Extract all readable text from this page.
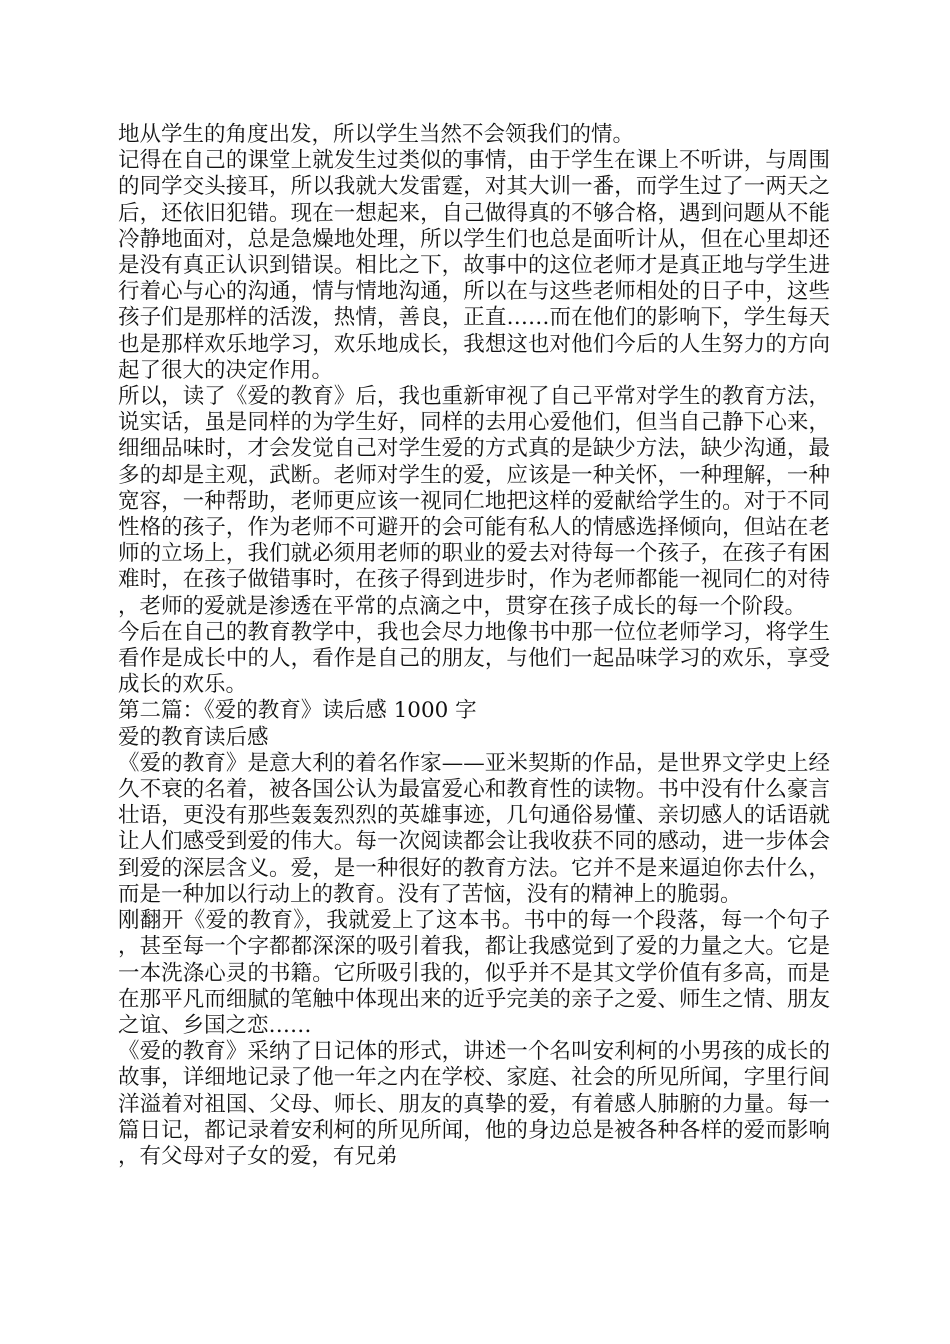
地从学生的角度出发，所以学生当然不会领我们的情。

记得在自己的课堂上就发生过类似的事情，由于学生在课上不听讲，与周围的同学交头接耳，所以我就大发雷霆，对其大训一番，而学生过了一两天之后，还依旧犯错。现在一想起来，自己做得真的不够合格，遇到问题从不能冷静地面对，总是急燥地处理，所以学生们也总是面听计从，但在心里却还是没有真正认识到错误。相比之下，故事中的这位老师才是真正地与学生进行着心与心的沟通，情与情地沟通，所以在与这些老师相处的日子中，这些孩子们是那样的活泼，热情，善良，正直……而在他们的影响下，学生每天也是那样欢乐地学习，欢乐地成长，我想这也对他们今后的人生努力的方向起了很大的决定作用。

所以，读了《爱的教育》后，我也重新审视了自己平常对学生的教育方法，说实话，虽是同样的为学生好，同样的去用心爱他们，但当自己静下心来，细细品味时，才会发觉自己对学生爱的方式真的是缺少方法，缺少沟通，最多的却是主观，武断。老师对学生的爱，应该是一种关怀，一种理解，一种宽容，一种帮助，老师更应该一视同仁地把这样的爱献给学生的。对于不同性格的孩子，作为老师不可避开的会可能有私人的情感选择倾向，但站在老师的立场上，我们就必须用老师的职业的爱去对待每一个孩子，在孩子有困难时，在孩子做错事时，在孩子得到进步时，作为老师都能一视同仁的对待，老师的爱就是渗透在平常的点滴之中，贯穿在孩子成长的每一个阶段。

今后在自己的教育教学中，我也会尽力地像书中那一位位老师学习，将学生看作是成长中的人，看作是自己的朋友，与他们一起品味学习的欢乐，享受成长的欢乐。

第二篇：《爱的教育》读后感 1000 字

爱的教育读后感

《爱的教育》是意大利的着名作家——亚米契斯的作品，是世界文学史上经久不衰的名着，被各国公认为最富爱心和教育性的读物。书中没有什么豪言壮语，更没有那些轰轰烈烈的英雄事迹，几句通俗易懂、亲切感人的话语就让人们感受到爱的伟大。每一次阅读都会让我收获不同的感动，进一步体会到爱的深层含义。爱，是一种很好的教育方法。它并不是来逼迫你去什么，而是一种加以行动上的教育。没有了苦恼，没有的精神上的脆弱。

刚翻开《爱的教育》，我就爱上了这本书。书中的每一个段落，每一个句子，甚至每一个字都都深深的吸引着我，都让我感觉到了爱的力量之大。它是一本洗涤心灵的书籍。它所吸引我的，似乎并不是其文学价值有多高，而是在那平凡而细腻的笔触中体现出来的近乎完美的亲子之爱、师生之情、朋友之谊、乡国之恋……

《爱的教育》采纳了日记体的形式，讲述一个名叫安利柯的小男孩的成长的故事，详细地记录了他一年之内在学校、家庭、社会的所见所闻，字里行间洋溢着对祖国、父母、师长、朋友的真挚的爱，有着感人肺腑的力量。每一篇日记，都记录着安利柯的所见所闻，他的身边总是被各种各样的爱而影响，有父母对子女的爱，有兄弟
